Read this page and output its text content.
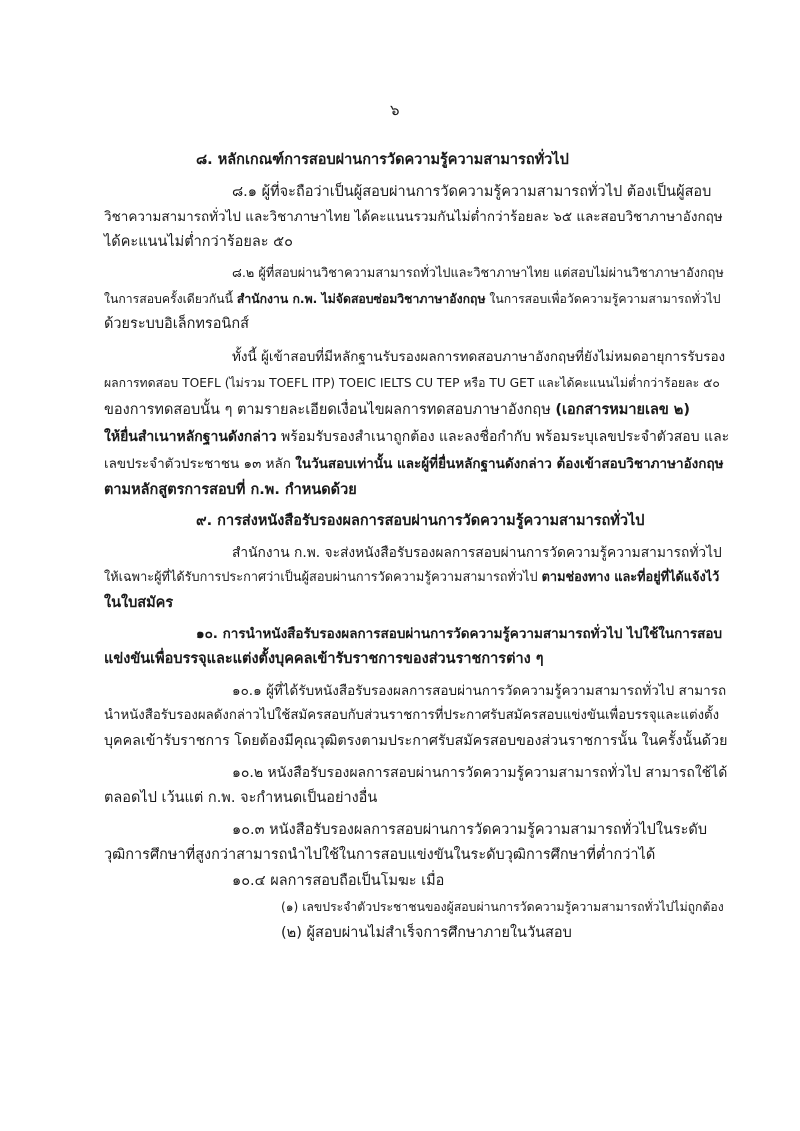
๖
๘. หลักเกณฑ์การสอบผ่านการวัดความรู้ความสามารถทั่วไป
๘.๑ ผู้ที่จะถือว่าเป็นผู้สอบผ่านการวัดความรู้ความสามารถทั่วไป ต้องเป็นผู้สอบ
วิชาความสามารถทั่วไป และวิชาภาษาไทย ได้คะแนนรวมกันไม่ต่ำกว่าร้อยละ ๖๕ และสอบวิชาภาษาอังกฤษ
ได้คะแนนไม่ต่ำกว่าร้อยละ ๕๐
๘.๒ ผู้ที่สอบผ่านวิชาความสามารถทั่วไปและวิชาภาษาไทย แต่สอบไม่ผ่านวิชาภาษาอังกฤษ
ในการสอบครั้งเดียวกันนี้ สำนักงาน ก.พ. ไม่จัดสอบซ่อมวิชาภาษาอังกฤษ ในการสอบเพื่อวัดความรู้ความสามารถทั่วไป
ด้วยระบบอิเล็กทรอนิกส์
ทั้งนี้ ผู้เข้าสอบที่มีหลักฐานรับรองผลการทดสอบภาษาอังกฤษที่ยังไม่หมดอายุการรับรอง
ผลการทดสอบ TOEFL (ไม่รวม TOEFL ITP) TOEIC IELTS CU TEP หรือ TU GET และได้คะแนนไม่ต่ำกว่าร้อยละ ๕๐
ของการทดสอบนั้น ๆ ตามรายละเอียดเงื่อนไขผลการทดสอบภาษาอังกฤษ (เอกสารหมายเลข ๒)
ให้ยื่นสำเนาหลักฐานดังกล่าว พร้อมรับรองสำเนาถูกต้อง และลงชื่อกำกับ พร้อมระบุเลขประจำตัวสอบ และ
เลขประจำตัวประชาชน ๑๓ หลัก ในวันสอบเท่านั้น และผู้ที่ยื่นหลักฐานดังกล่าว ต้องเข้าสอบวิชาภาษาอังกฤษ
ตามหลักสูตรการสอบที่ ก.พ. กำหนดด้วย
๙. การส่งหนังสือรับรองผลการสอบผ่านการวัดความรู้ความสามารถทั่วไป
สำนักงาน ก.พ. จะส่งหนังสือรับรองผลการสอบผ่านการวัดความรู้ความสามารถทั่วไป
ให้เฉพาะผู้ที่ได้รับการประกาศว่าเป็นผู้สอบผ่านการวัดความรู้ความสามารถทั่วไป ตามช่องทาง และที่อยู่ที่ได้แจ้งไว้
ในใบสมัคร
๑๐. การนำหนังสือรับรองผลการสอบผ่านการวัดความรู้ความสามารถทั่วไป ไปใช้ในการสอบ
แข่งขันเพื่อบรรจุและแต่งตั้งบุคคลเข้ารับราชการของส่วนราชการต่าง ๆ
๑๐.๑ ผู้ที่ได้รับหนังสือรับรองผลการสอบผ่านการวัดความรู้ความสามารถทั่วไป สามารถ
นำหนังสือรับรองผลดังกล่าวไปใช้สมัครสอบกับส่วนราชการที่ประกาศรับสมัครสอบแข่งขันเพื่อบรรจุและแต่งตั้ง
บุคคลเข้ารับราชการ โดยต้องมีคุณวุฒิตรงตามประกาศรับสมัครสอบของส่วนราชการนั้น ในครั้งนั้นด้วย
๑๐.๒ หนังสือรับรองผลการสอบผ่านการวัดความรู้ความสามารถทั่วไป สามารถใช้ได้
ตลอดไป เว้นแต่ ก.พ. จะกำหนดเป็นอย่างอื่น
๑๐.๓ หนังสือรับรองผลการสอบผ่านการวัดความรู้ความสามารถทั่วไปในระดับ
วุฒิการศึกษาที่สูงกว่าสามารถนำไปใช้ในการสอบแข่งขันในระดับวุฒิการศึกษาที่ต่ำกว่าได้
๑๐.๔ ผลการสอบถือเป็นโมฆะ เมื่อ
(๑) เลขประจำตัวประชาชนของผู้สอบผ่านการวัดความรู้ความสามารถทั่วไปไม่ถูกต้อง
(๒) ผู้สอบผ่านไม่สำเร็จการศึกษาภายในวันสอบ
